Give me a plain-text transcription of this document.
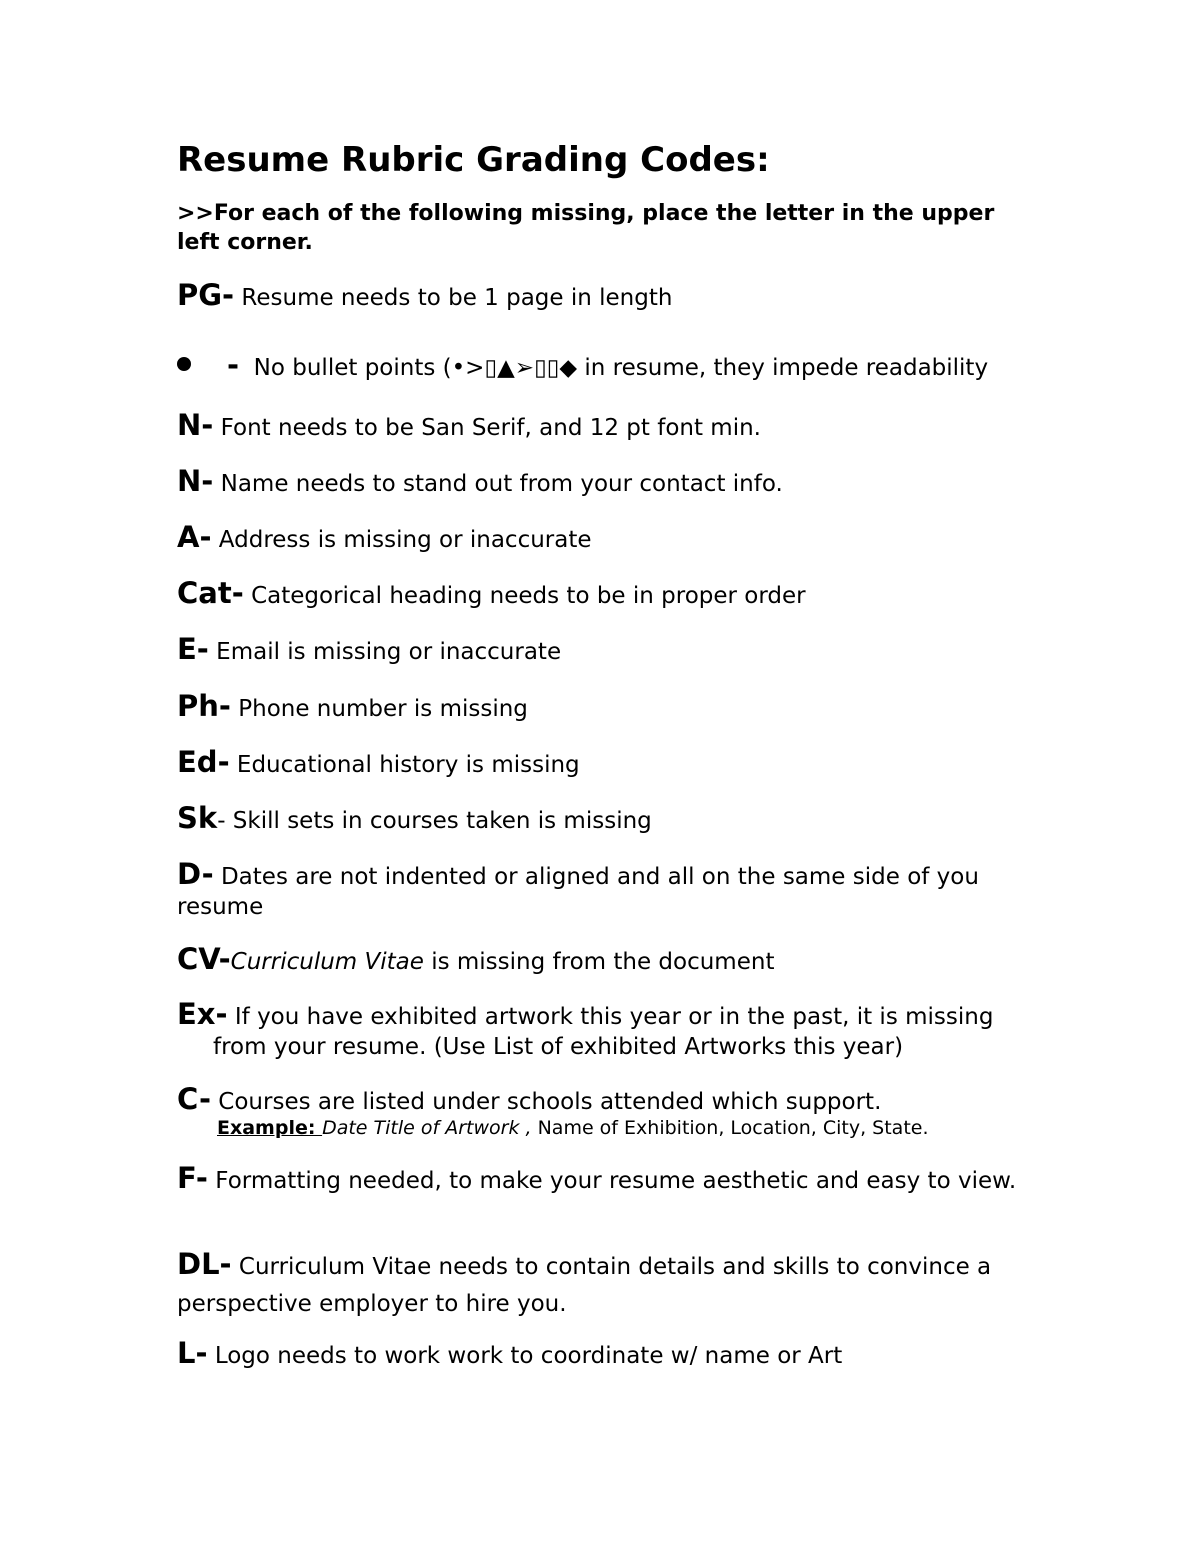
Resume Rubric Grading Codes:
>>For each of the following missing, place the letter in the upper left corner.
PG- Resume needs to be 1 page in length
- No bullet points (•>▯▲➢▯▯◆ in resume, they impede readability
N- Font needs to be San Serif, and 12 pt font min.
N- Name needs to stand out from your contact info.
A- Address is missing or inaccurate
Cat- Categorical heading needs to be in proper order
E- Email is missing or inaccurate
Ph- Phone number is missing
Ed- Educational history is missing
Sk- Skill sets in courses taken is missing
D- Dates are not indented or aligned and all on the same side of you resume
CV-Curriculum Vitae is missing from the document
Ex- If you have exhibited artwork this year or in the past, it is missingfrom your resume. (Use List of exhibited Artworks this year)
C- Courses are listed under schools attended which support.
Example: Date Title of Artwork , Name of Exhibition, Location, City, State.
F- Formatting needed, to make your resume aesthetic and easy to view.
DL- Curriculum Vitae needs to contain details and skills to convince a perspective employer to hire you.
L- Logo needs to work work to coordinate w/ name or Art
